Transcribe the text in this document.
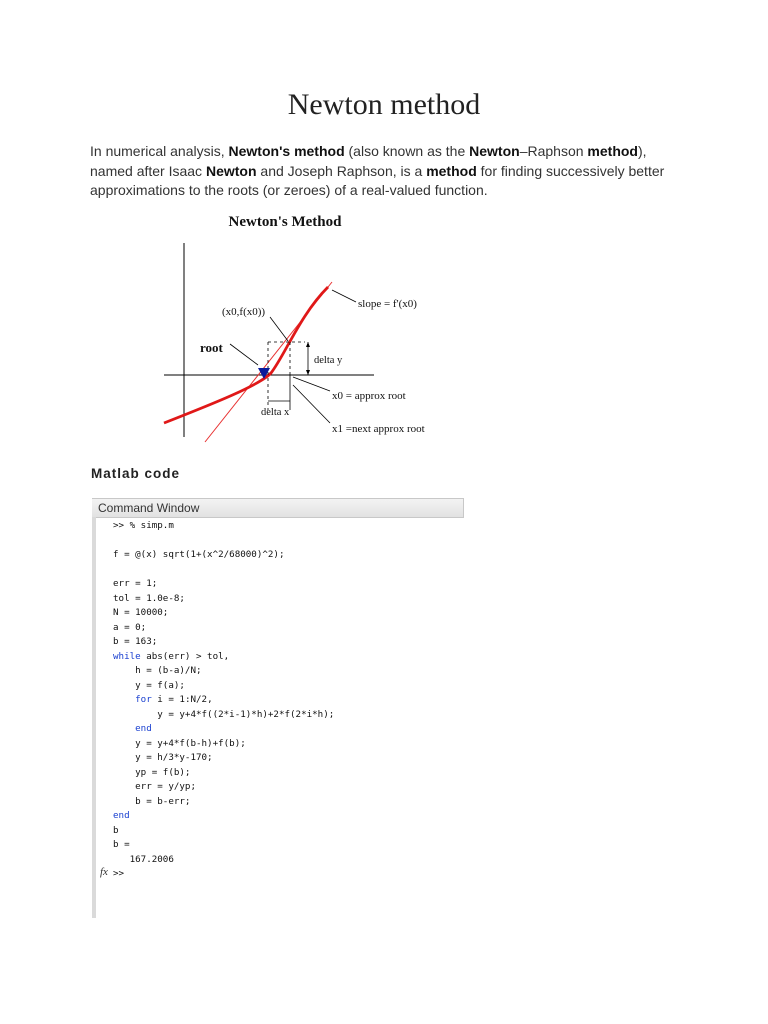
Newton method
In numerical analysis, Newton's method (also known as the Newton–Raphson method), named after Isaac Newton and Joseph Raphson, is a method for finding successively better approximations to the roots (or zeroes) of a real-valued function.
Newton's Method
slope = f'(x0)
(x0,f(x0))
root
delta y
delta x
x0 = approx root
x1 =next approx root
Matlab code
Command Window
>> % simp.m
f = @(x) sqrt(1+(x^2/68000)^2);
err = 1;
tol = 1.0e-8;
N = 10000;
a = 0;
b = 163;
while abs(err) > tol,
h = (b-a)/N;
y = f(a);
for i = 1:N/2,
y = y+4*f((2*i-1)*h)+2*f(2*i*h);
end
y = y+4*f(b-h)+f(b);
y = h/3*y-170;
yp = f(b);
err = y/yp;
b = b-err;
end
b
b =
167.2006
>>
fx
